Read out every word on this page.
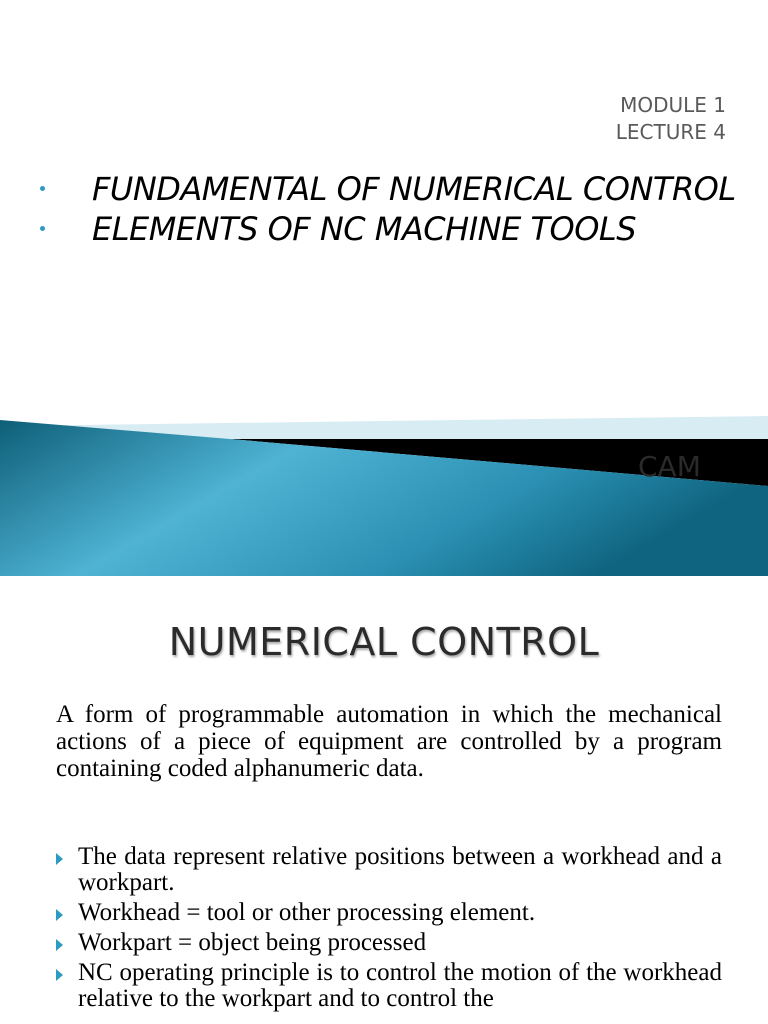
MODULE 1
LECTURE 4
FUNDAMENTAL OF NUMERICAL CONTROL
ELEMENTS OF NC MACHINE TOOLS
CAM
NUMERICAL CONTROL
A form of programmable automation in which the mechanical actions of a piece of equipment are controlled by a program containing coded alphanumeric data.
The data represent relative positions between a workhead and a workpart.
Workhead = tool or other processing element.
Workpart = object being processed
NC operating principle is to control the motion of the workhead relative to the workpart and to control the
